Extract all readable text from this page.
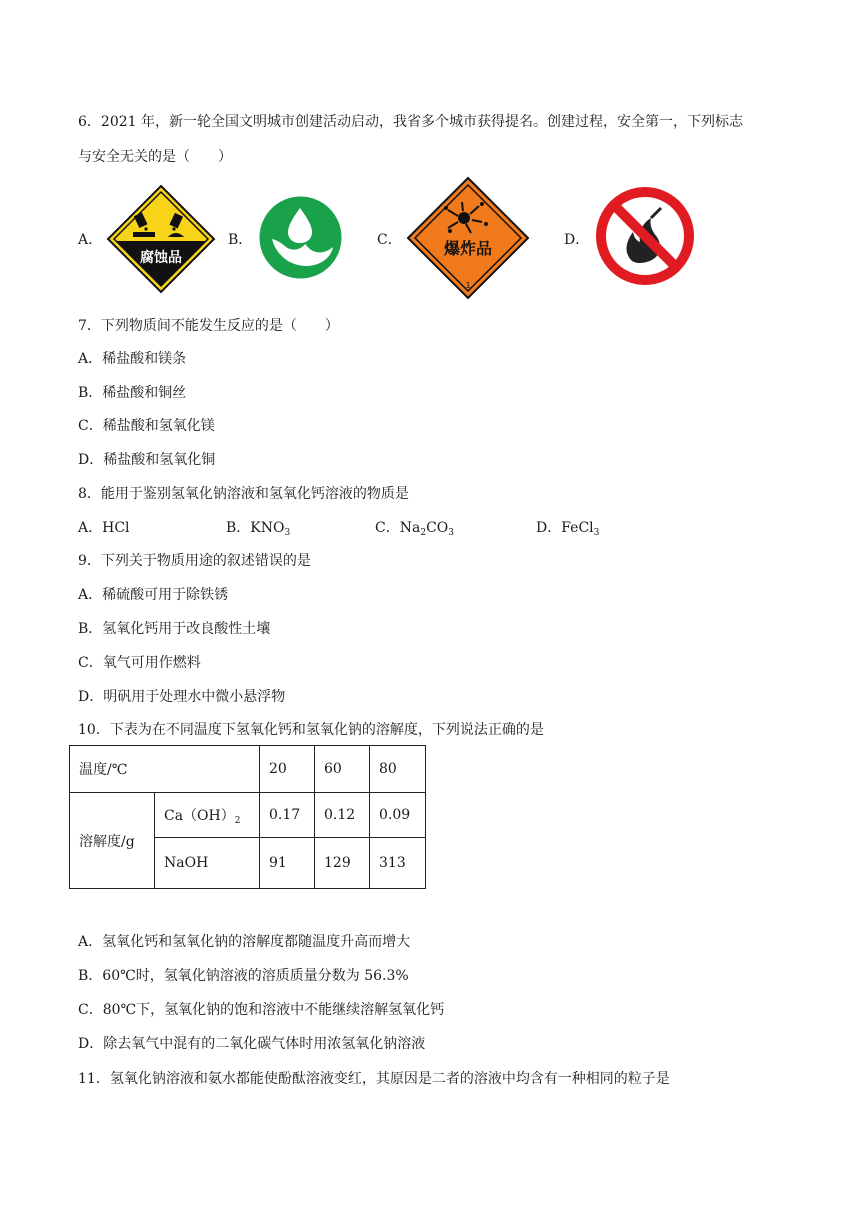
6．2021 年，新一轮全国文明城市创建活动启动，我省多个城市获得提名。创建过程，安全第一，下列标志
与安全无关的是（　　）
A．
腐蚀品
B．	C．	爆炸品
1
D．
7．下列物质间不能发生反应的是（　　）
A．稀盐酸和镁条
B．稀盐酸和铜丝
C．稀盐酸和氢氧化镁
D．稀盐酸和氢氧化铜
8．能用于鉴别氢氧化钠溶液和氢氧化钙溶液的物质是
A．HCl	B．$KNO_3$	C．$Na_2CO_3$	D．FeCl$_3$
9．下列关于物质用途的叙述错误的是
A．稀硫酸可用于除铁锈
B．氢氧化钙用于改良酸性土壤
C．氧气可用作燃料
D．明矾用于处理水中微小悬浮物
10．下表为在不同温度下氢氧化钙和氢氧化钠的溶解度，下列说法正确的是
温度/℃		20	60	80
溶解度/g	$Ca(OH)_2$	0.17	0.12	0.09
	NaOH	91	129	313
A．氢氧化钙和氢氧化钠的溶解度都随温度升高而增大
B．60℃时，氢氧化钠溶液的溶质质量分数为 56.3%
C．80℃下，氢氧化钠的饱和溶液中不能继续溶解氢氧化钙
D．除去氧气中混有的二氧化碳气体时用浓氢氧化钠溶液
11．氢氧化钠溶液和氨水都能使酚酞溶液变红，其原因是二者的溶液中均含有一种相同的粒子是
